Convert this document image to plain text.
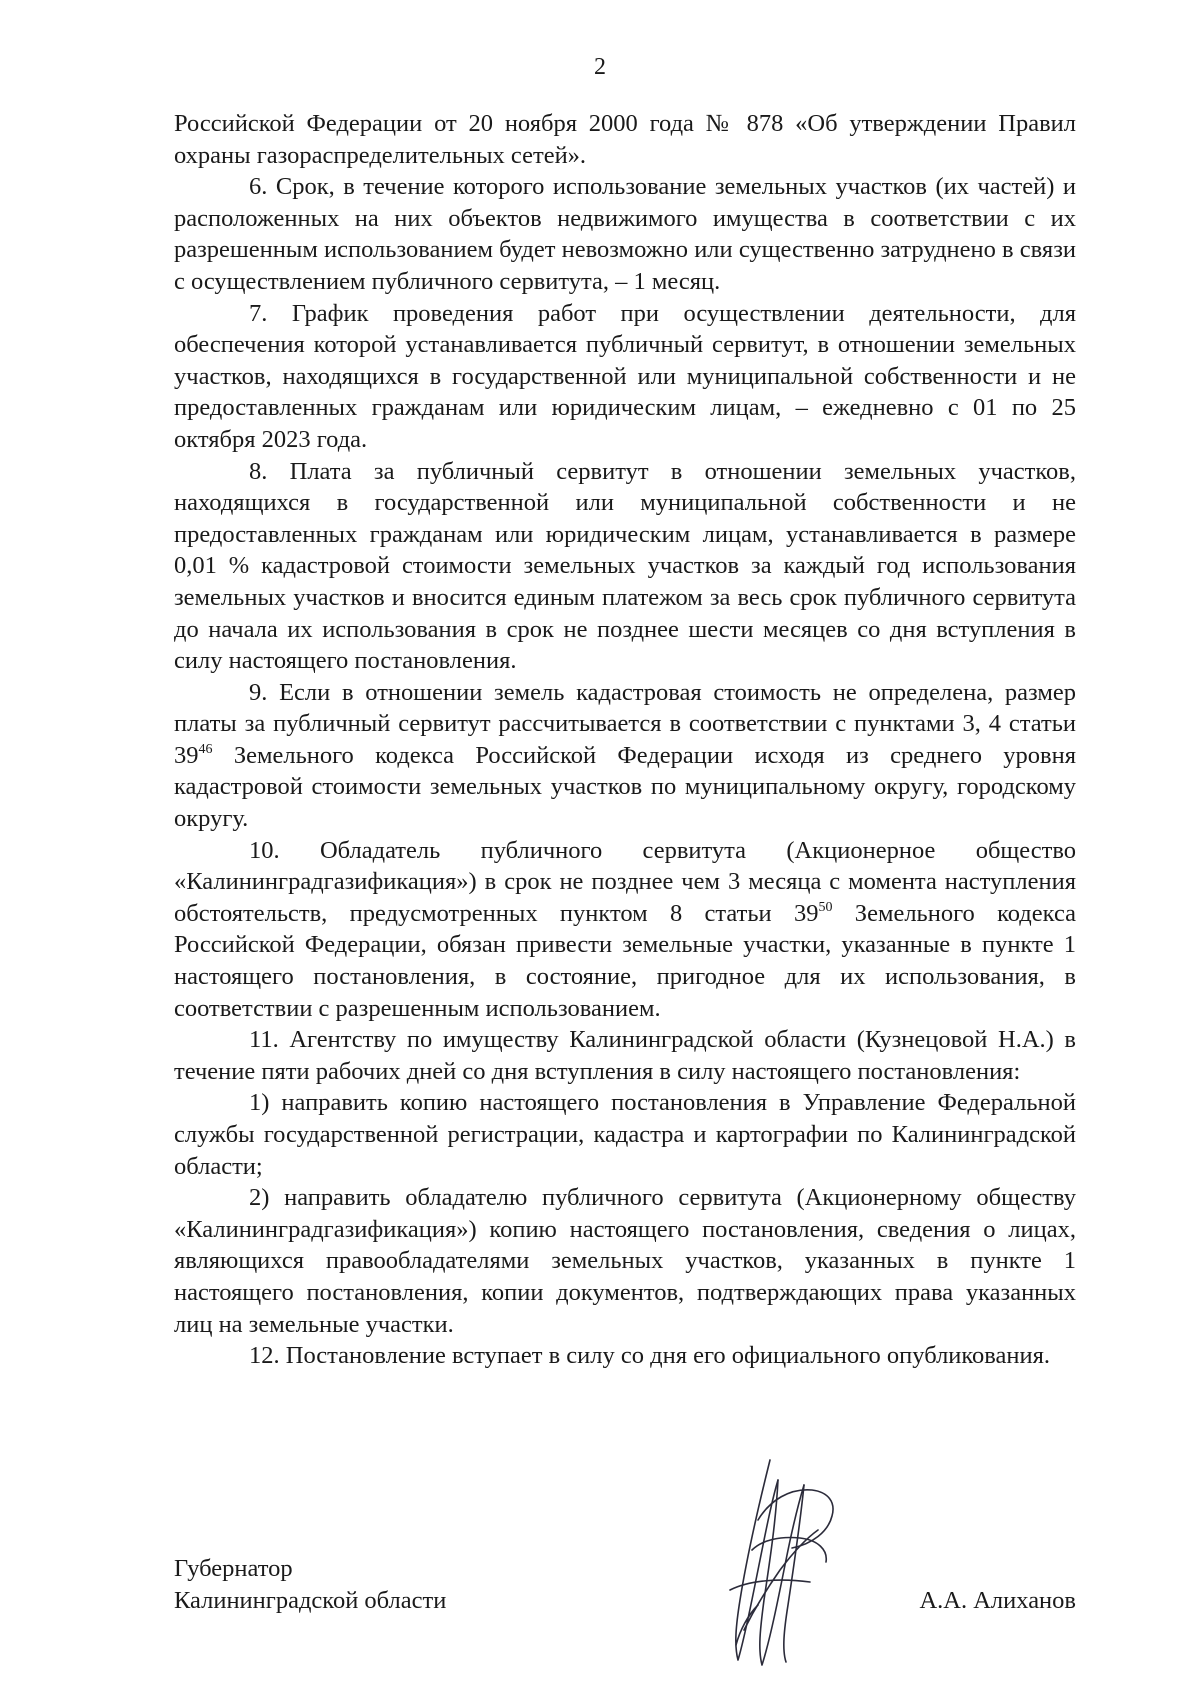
2

Российской Федерации от 20 ноября 2000 года № 878 «Об утверждении Правил охраны газораспределительных сетей».

6. Срок, в течение которого использование земельных участков (их частей) и расположенных на них объектов недвижимого имущества в соответствии с их разрешенным использованием будет невозможно или существенно затруднено в связи с осуществлением публичного сервитута, – 1 месяц.

7. График проведения работ при осуществлении деятельности, для обеспечения которой устанавливается публичный сервитут, в отношении земельных участков, находящихся в государственной или муниципальной собственности и не предоставленных гражданам или юридическим лицам, – ежедневно с 01 по 25 октября 2023 года.

8. Плата за публичный сервитут в отношении земельных участков, находящихся в государственной или муниципальной собственности и не предоставленных гражданам или юридическим лицам, устанавливается в размере 0,01 % кадастровой стоимости земельных участков за каждый год использования земельных участков и вносится единым платежом за весь срок публичного сервитута до начала их использования в срок не позднее шести месяцев со дня вступления в силу настоящего постановления.

9. Если в отношении земель кадастровая стоимость не определена, размер платы за публичный сервитут рассчитывается в соответствии с пунктами 3, 4 статьи $39^{46}$ Земельного кодекса Российской Федерации исходя из среднего уровня кадастровой стоимости земельных участков по муниципальному округу, городскому округу.

10. Обладатель публичного сервитута (Акционерное общество «Калининградгазификация») в срок не позднее чем 3 месяца с момента наступления обстоятельств, предусмотренных пунктом 8 статьи $39^{50}$ Земельного кодекса Российской Федерации, обязан привести земельные участки, указанные в пункте 1 настоящего постановления, в состояние, пригодное для их использования, в соответствии с разрешенным использованием.

11. Агентству по имуществу Калининградской области (Кузнецовой Н.А.) в течение пяти рабочих дней со дня вступления в силу настоящего постановления:

1) направить копию настоящего постановления в Управление Федеральной службы государственной регистрации, кадастра и картографии по Калининградской области;

2) направить обладателю публичного сервитута (Акционерному обществу «Калининградгазификация») копию настоящего постановления, сведения о лицах, являющихся правообладателями земельных участков, указанных в пункте 1 настоящего постановления, копии документов, подтверждающих права указанных лиц на земельные участки.

12. Постановление вступает в силу со дня его официального опубликования.

Губернатор
Калининградской области	А.А. Алиханов
